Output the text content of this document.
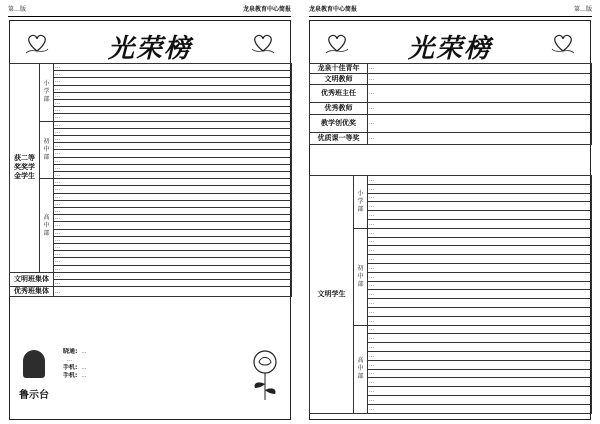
第…版	龙泉教育中心简报
光荣榜
获二等奖奖学金学生	小学部	…
		…
		…
		…
		…
		…
		…
		…
	初中部	…
		…
		…
		…
		…
		…
		…
		…
	高中部	…
		…
		…
		…
		…
		…
		…
		…
		…
		…
		…
		…
		…
文明班集体		…
		…
优秀班集体		…
鲁示台
晓通: …
…
手机: …
手机: …
龙泉教育中心简报	第…版
光荣榜
龙泉十佳青年	…
文明教师	…
优秀班主任	…
优秀教师	…
教学创优奖	…
优质课一等奖	…
文明学生	小学部	…
		…
		…
		…
		…
		…
	初中部	…
		…
		…
		…
		…
		…
		…
		…
		…
		…
		…
	高中部	…
		…
		…
		…
		…
		…
		…
		…
		…
		…
